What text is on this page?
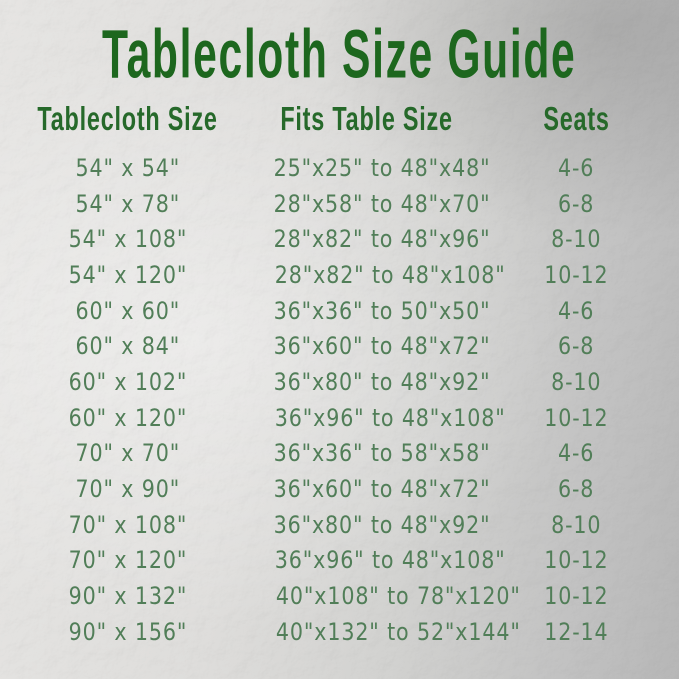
Tablecloth Size Guide
Tablecloth Size	Fits Table Size	Seats
54" x 54"	25"x25" to 48"x48"	4-6
54" x 78"	28"x58" to 48"x70"	6-8
54" x 108"	28"x82" to 48"x96"	8-10
54" x 120"	28"x82" to 48"x108"	10-12
60" x 60"	36"x36" to 50"x50"	4-6
60" x 84"	36"x60" to 48"x72"	6-8
60" x 102"	36"x80" to 48"x92"	8-10
60" x 120"	36"x96" to 48"x108"	10-12
70" x 70"	36"x36" to 58"x58"	4-6
70" x 90"	36"x60" to 48"x72"	6-8
70" x 108"	36"x80" to 48"x92"	8-10
70" x 120"	36"x96" to 48"x108"	10-12
90" x 132"	40"x108" to 78"x120" 10-12
90" x 156"	40"x132" to 52"x144" 12-14
